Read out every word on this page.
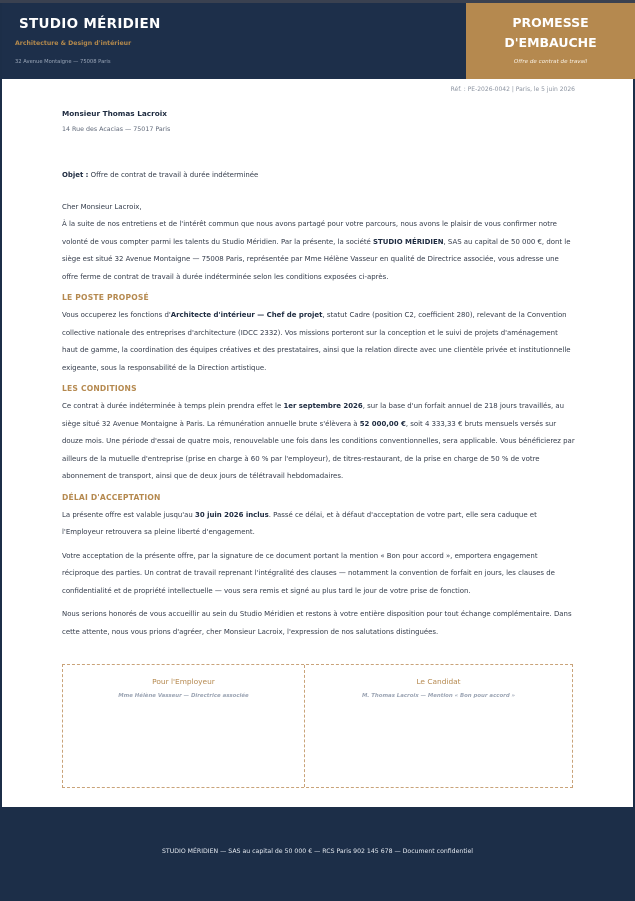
STUDIO MÉRIDIEN
Architecture & Design d'intérieur
32 Avenue Montaigne — 75008 Paris
PROMESSE
D'EMBAUCHE
Offre de contrat de travail
Réf. : PE-2026-0042 | Paris, le 5 juin 2026
Monsieur Thomas Lacroix
14 Rue des Acacias — 75017 Paris

Objet : Offre de contrat de travail à durée indéterminée

Cher Monsieur Lacroix,

À la suite de nos entretiens et de l'intérêt commun que nous avons partagé pour votre parcours, nous avons le plaisir de vous confirmer notre volonté de vous compter parmi les talents du Studio Méridien. Par la présente, la société STUDIO MÉRIDIEN, SAS au capital de 50 000 €, dont le siège est situé 32 Avenue Montaigne — 75008 Paris, représentée par Mme Hélène Vasseur en qualité de Directrice associée, vous adresse une offre ferme de contrat de travail à durée indéterminée selon les conditions exposées ci-après.

LE POSTE PROPOSÉ

Vous occuperez les fonctions d'Architecte d'intérieur — Chef de projet, statut Cadre (position C2, coefficient 280), relevant de la Convention collective nationale des entreprises d'architecture (IDCC 2332). Vos missions porteront sur la conception et le suivi de projets d'aménagement haut de gamme, la coordination des équipes créatives et des prestataires, ainsi que la relation directe avec une clientèle privée et institutionnelle exigeante, sous la responsabilité de la Direction artistique.

LES CONDITIONS

Ce contrat à durée indéterminée à temps plein prendra effet le 1er septembre 2026, sur la base d'un forfait annuel de 218 jours travaillés, au siège situé 32 Avenue Montaigne à Paris. La rémunération annuelle brute s'élèvera à 52 000,00 €, soit 4 333,33 € bruts mensuels versés sur douze mois. Une période d'essai de quatre mois, renouvelable une fois dans les conditions conventionnelles, sera applicable. Vous bénéficierez par ailleurs de la mutuelle d'entreprise (prise en charge à 60 % par l'employeur), de titres-restaurant, de la prise en charge de 50 % de votre abonnement de transport, ainsi que de deux jours de télétravail hebdomadaires.

DÉLAI D'ACCEPTATION

La présente offre est valable jusqu'au 30 juin 2026 inclus. Passé ce délai, et à défaut d'acceptation de votre part, elle sera caduque et l'Employeur retrouvera sa pleine liberté d'engagement.

Votre acceptation de la présente offre, par la signature de ce document portant la mention « Bon pour accord », emportera engagement réciproque des parties. Un contrat de travail reprenant l'intégralité des clauses — notamment la convention de forfait en jours, les clauses de confidentialité et de propriété intellectuelle — vous sera remis et signé au plus tard le jour de votre prise de fonction.

Nous serions honorés de vous accueillir au sein du Studio Méridien et restons à votre entière disposition pour tout échange complémentaire. Dans cette attente, nous vous prions d'agréer, cher Monsieur Lacroix, l'expression de nos salutations distinguées.

Pour l'Employeur
Mme Hélène Vasseur — Directrice associée
Le Candidat
M. Thomas Lacroix — Mention « Bon pour accord »
STUDIO MÉRIDIEN — SAS au capital de 50 000 € — RCS Paris 902 145 678 — Document confidentiel
